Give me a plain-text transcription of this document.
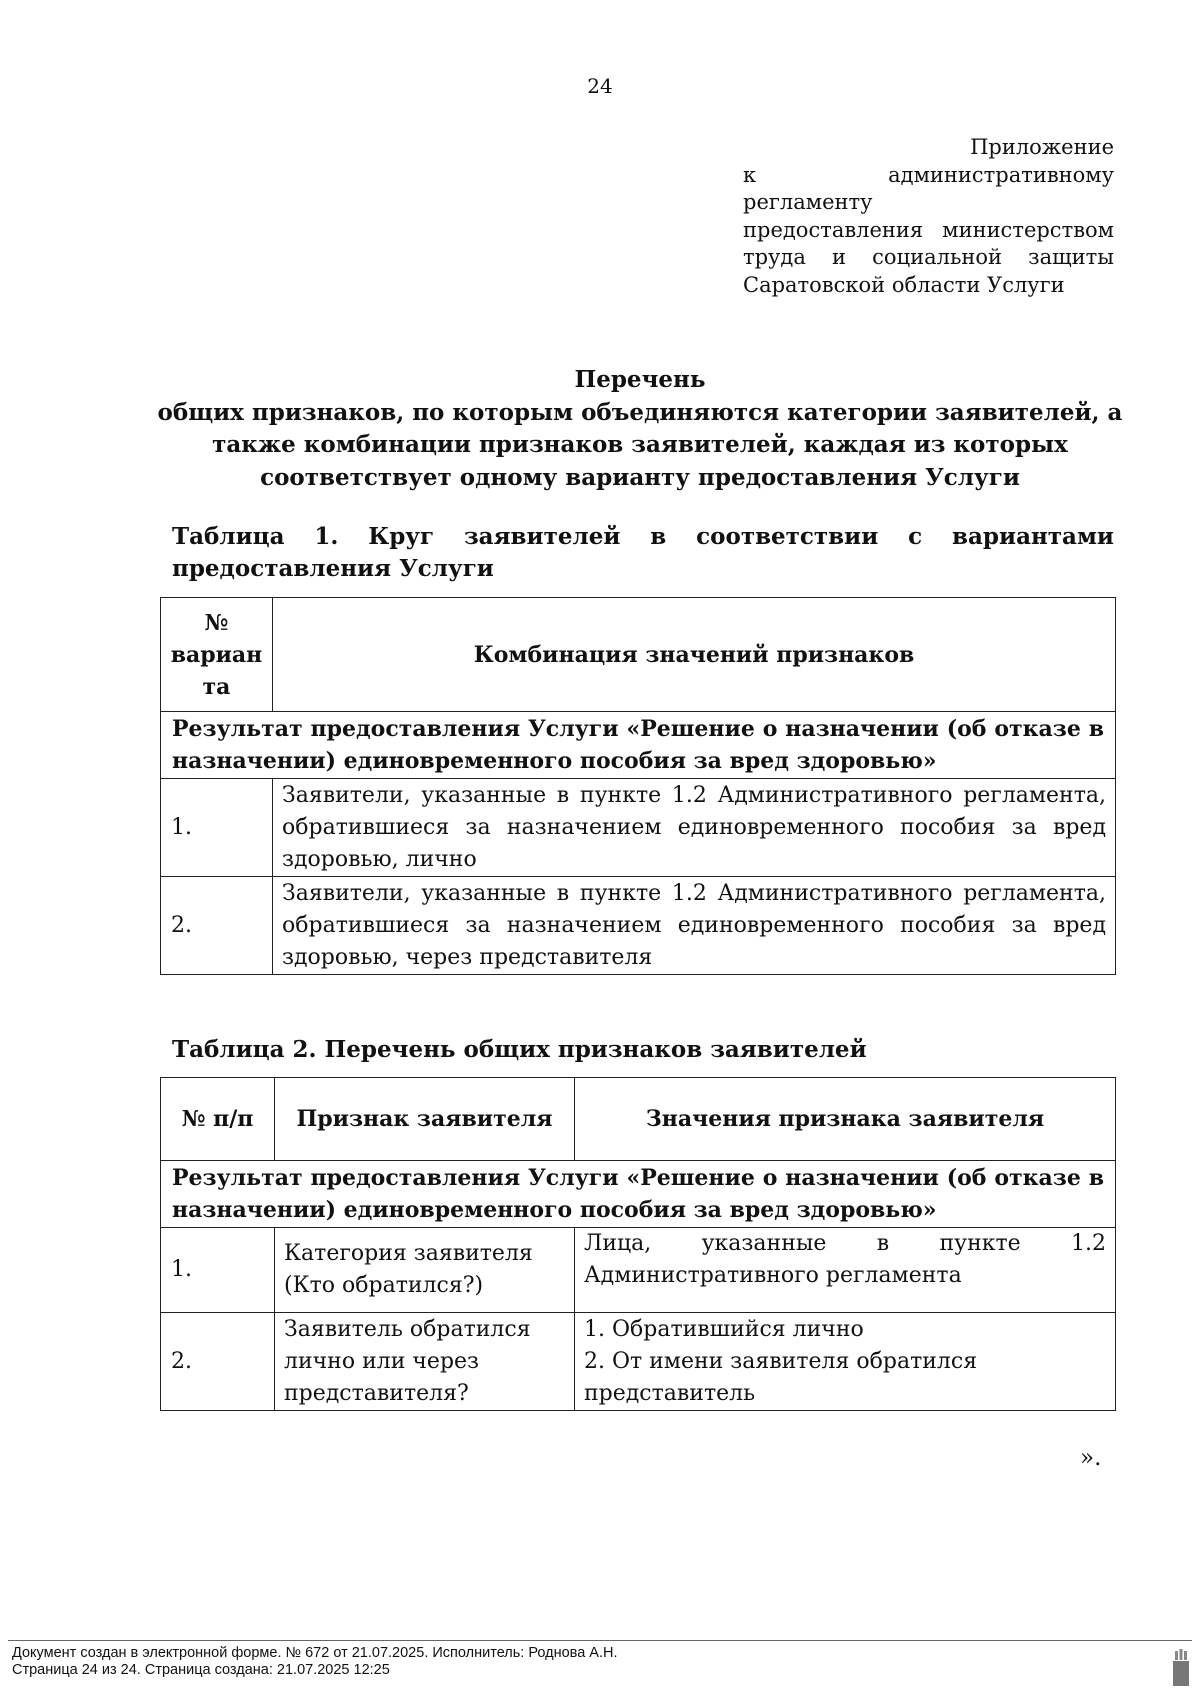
24
Приложение
к административному регламенту
предоставления министерством
труда и социальной защиты
Саратовской области Услуги
Перечень
общих признаков, по которым объединяются категории заявителей, а
также комбинации признаков заявителей, каждая из которых
соответствует одному варианту предоставления Услуги
Таблица 1. Круг заявителей в соответствии с вариантами
предоставления Услуги
№
вариан
та	Комбинация значений признаков
Результат предоставления Услуги «Решение о назначении (об отказе в назначении) единовременного пособия за вред здоровью»	
1.	Заявители, указанные в пункте 1.2 Административного регламента,
обратившиеся за назначением единовременного пособия за вред
здоровью, лично

2.	Заявители, указанные в пункте 1.2 Административного регламента,
обратившиеся за назначением единовременного пособия за вред
здоровью, через представителя
Таблица 2. Перечень общих признаков заявителей
№ п/п	Признак заявителя	Значения признака заявителя
Результат предоставления Услуги «Решение о назначении (об отказе в назначении) единовременного пособия за вред здоровью»		
1.	Категория заявителя
(Кто обратился?)	Лица, указанные в пункте 1.2
Административного регламента

2.	Заявитель обратился
лично или через
представителя?	1. Обратившийся лично
2. От имени заявителя обратился
представитель
».
Документ создан в электронной форме. № 672 от 21.07.2025. Исполнитель: Роднова А.Н.
Страница 24 из 24. Страница создана: 21.07.2025 12:25
